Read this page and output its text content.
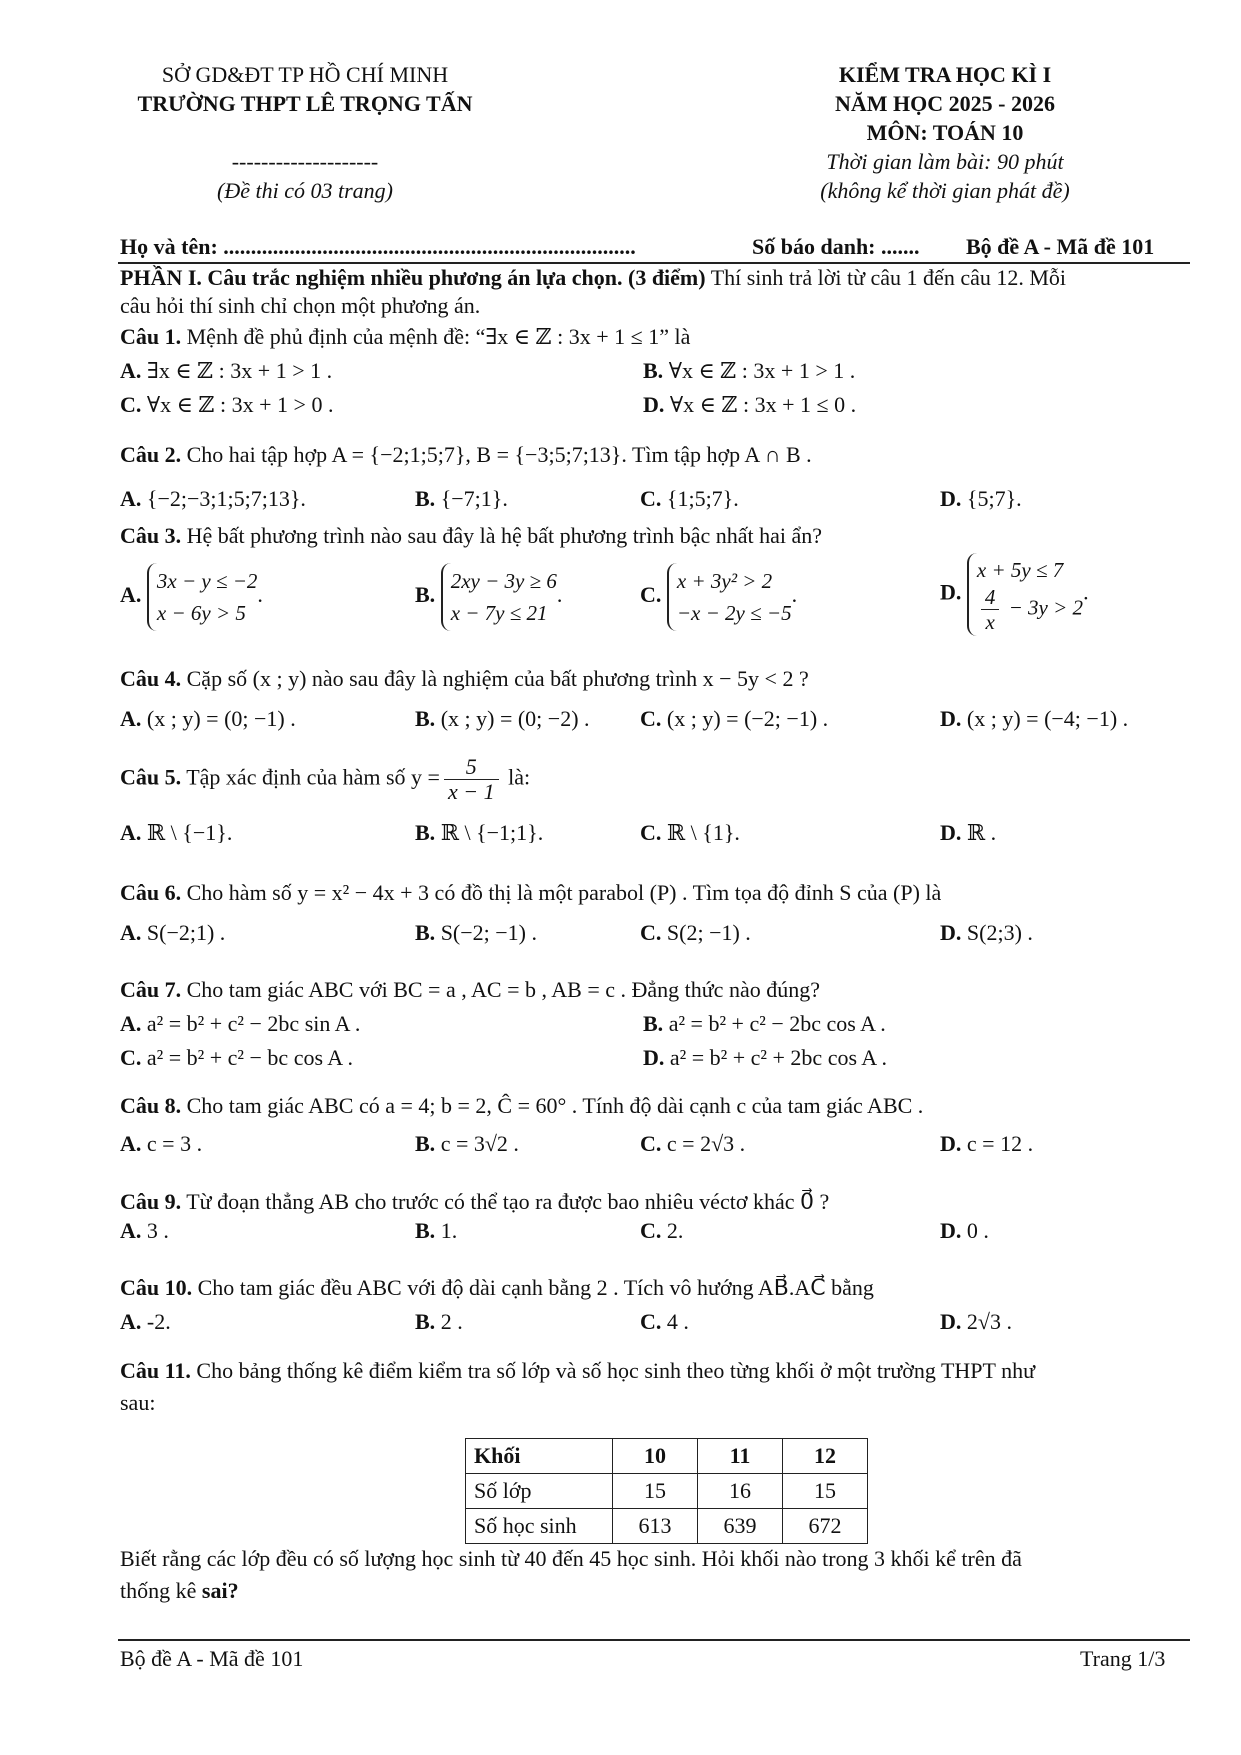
SỞ GD&ĐT TP HỒ CHÍ MINH
TRƯỜNG THPT LÊ TRỌNG TẤN
--------------------
(Đề thi có 03 trang)
KIỂM TRA HỌC KÌ I
NĂM HỌC 2025 - 2026
MÔN: TOÁN 10
Thời gian làm bài: 90 phút
(không kể thời gian phát đề)
Họ và tên: ...........................................................................	Số báo danh: ....... Bộ đề A - Mã đề 101
PHẦN I. Câu trắc nghiệm nhiều phương án lựa chọn. (3 điểm) Thí sinh trả lời từ câu 1 đến câu 12. Mỗi
câu hỏi thí sinh chỉ chọn một phương án.
Câu 1. Mệnh đề phủ định của mệnh đề: “∃x ∈ ℤ : 3x + 1 ≤ 1” là
A. ∃x ∈ ℤ : 3x + 1 > 1 .	B. ∀x ∈ ℤ : 3x + 1 > 1 .
C. ∀x ∈ ℤ : 3x + 1 > 0 .	D. ∀x ∈ ℤ : 3x + 1 ≤ 0 .
Câu 2. Cho hai tập hợp A = {−2;1;5;7}, B = {−3;5;7;13}. Tìm tập hợp A ∩ B .
A. {−2;−3;1;5;7;13}.	B. {−7;1}.	C. {1;5;7}.	D. {5;7}.
Câu 3. Hệ bất phương trình nào sau đây là hệ bất phương trình bậc nhất hai ẩn?
A. 3x − y ≤ −2
x − 6y > 5.	B. 2xy − 3y ≥ 6
x − 7y ≤ 21.	C. x + 3y² > 2
−x − 2y ≤ −5.	D. x + 5y ≤ 7

$\frac{4}{x} - 3y > 2$.
Câu 4. Cặp số (x ; y) nào sau đây là nghiệm của bất phương trình x − 5y < 2 ?
A. (x ; y) = (0; −1) .	B. (x ; y) = (0; −2) . C. (x ; y) = (−2; −1) .	D. (x ; y) = (−4; −1) .
Câu 5. Tập xác định của hàm số $y = \frac{5}{x - 1}$ là:
A. ℝ \ {−1}.	B. ℝ \ {−1;1}.	C. ℝ \ {1}.	D. ℝ .
Câu 6. Cho hàm số y = x² − 4x + 3 có đồ thị là một parabol (P) . Tìm tọa độ đỉnh S của (P) là
A. S(−2;1) .	B. S(−2; −1) .	C. S(2; −1) .	D. S(2;3) .
Câu 7. Cho tam giác ABC với BC = a , AC = b , AB = c . Đẳng thức nào đúng?
A. a² = b² + c² − 2bc sin A .	B. a² = b² + c² − 2bc cos A .
C. a² = b² + c² − bc cos A .	D. a² = b² + c² + 2bc cos A .
Câu 8. Cho tam giác ABC có a = 4; b = 2, Ĉ = 60° . Tính độ dài cạnh c của tam giác ABC .
A. c = 3 .	B. c = 3√2 .	C. c = 2√3 .	D. c = 12 .
Câu 9. Từ đoạn thẳng AB cho trước có thể tạo ra được bao nhiêu véctơ khác 0⃗ ?
A. 3 .	B. 1.	C. 2.	D. 0 .
Câu 10. Cho tam giác đều ABC với độ dài cạnh bằng 2 . Tích vô hướng AB⃗.AC⃗ bằng
A. -2.	B. 2 .	C. 4 .	D. 2√3 .
Câu 11. Cho bảng thống kê điểm kiểm tra số lớp và số học sinh theo từng khối ở một trường THPT như
sau:
Khối	10	11	12
Số lớp	15	16	15
Số học sinh	613	639	672
Biết rằng các lớp đều có số lượng học sinh từ 40 đến 45 học sinh. Hỏi khối nào trong 3 khối kể trên đã
thống kê sai?
Bộ đề A - Mã đề 101	Trang 1/3
